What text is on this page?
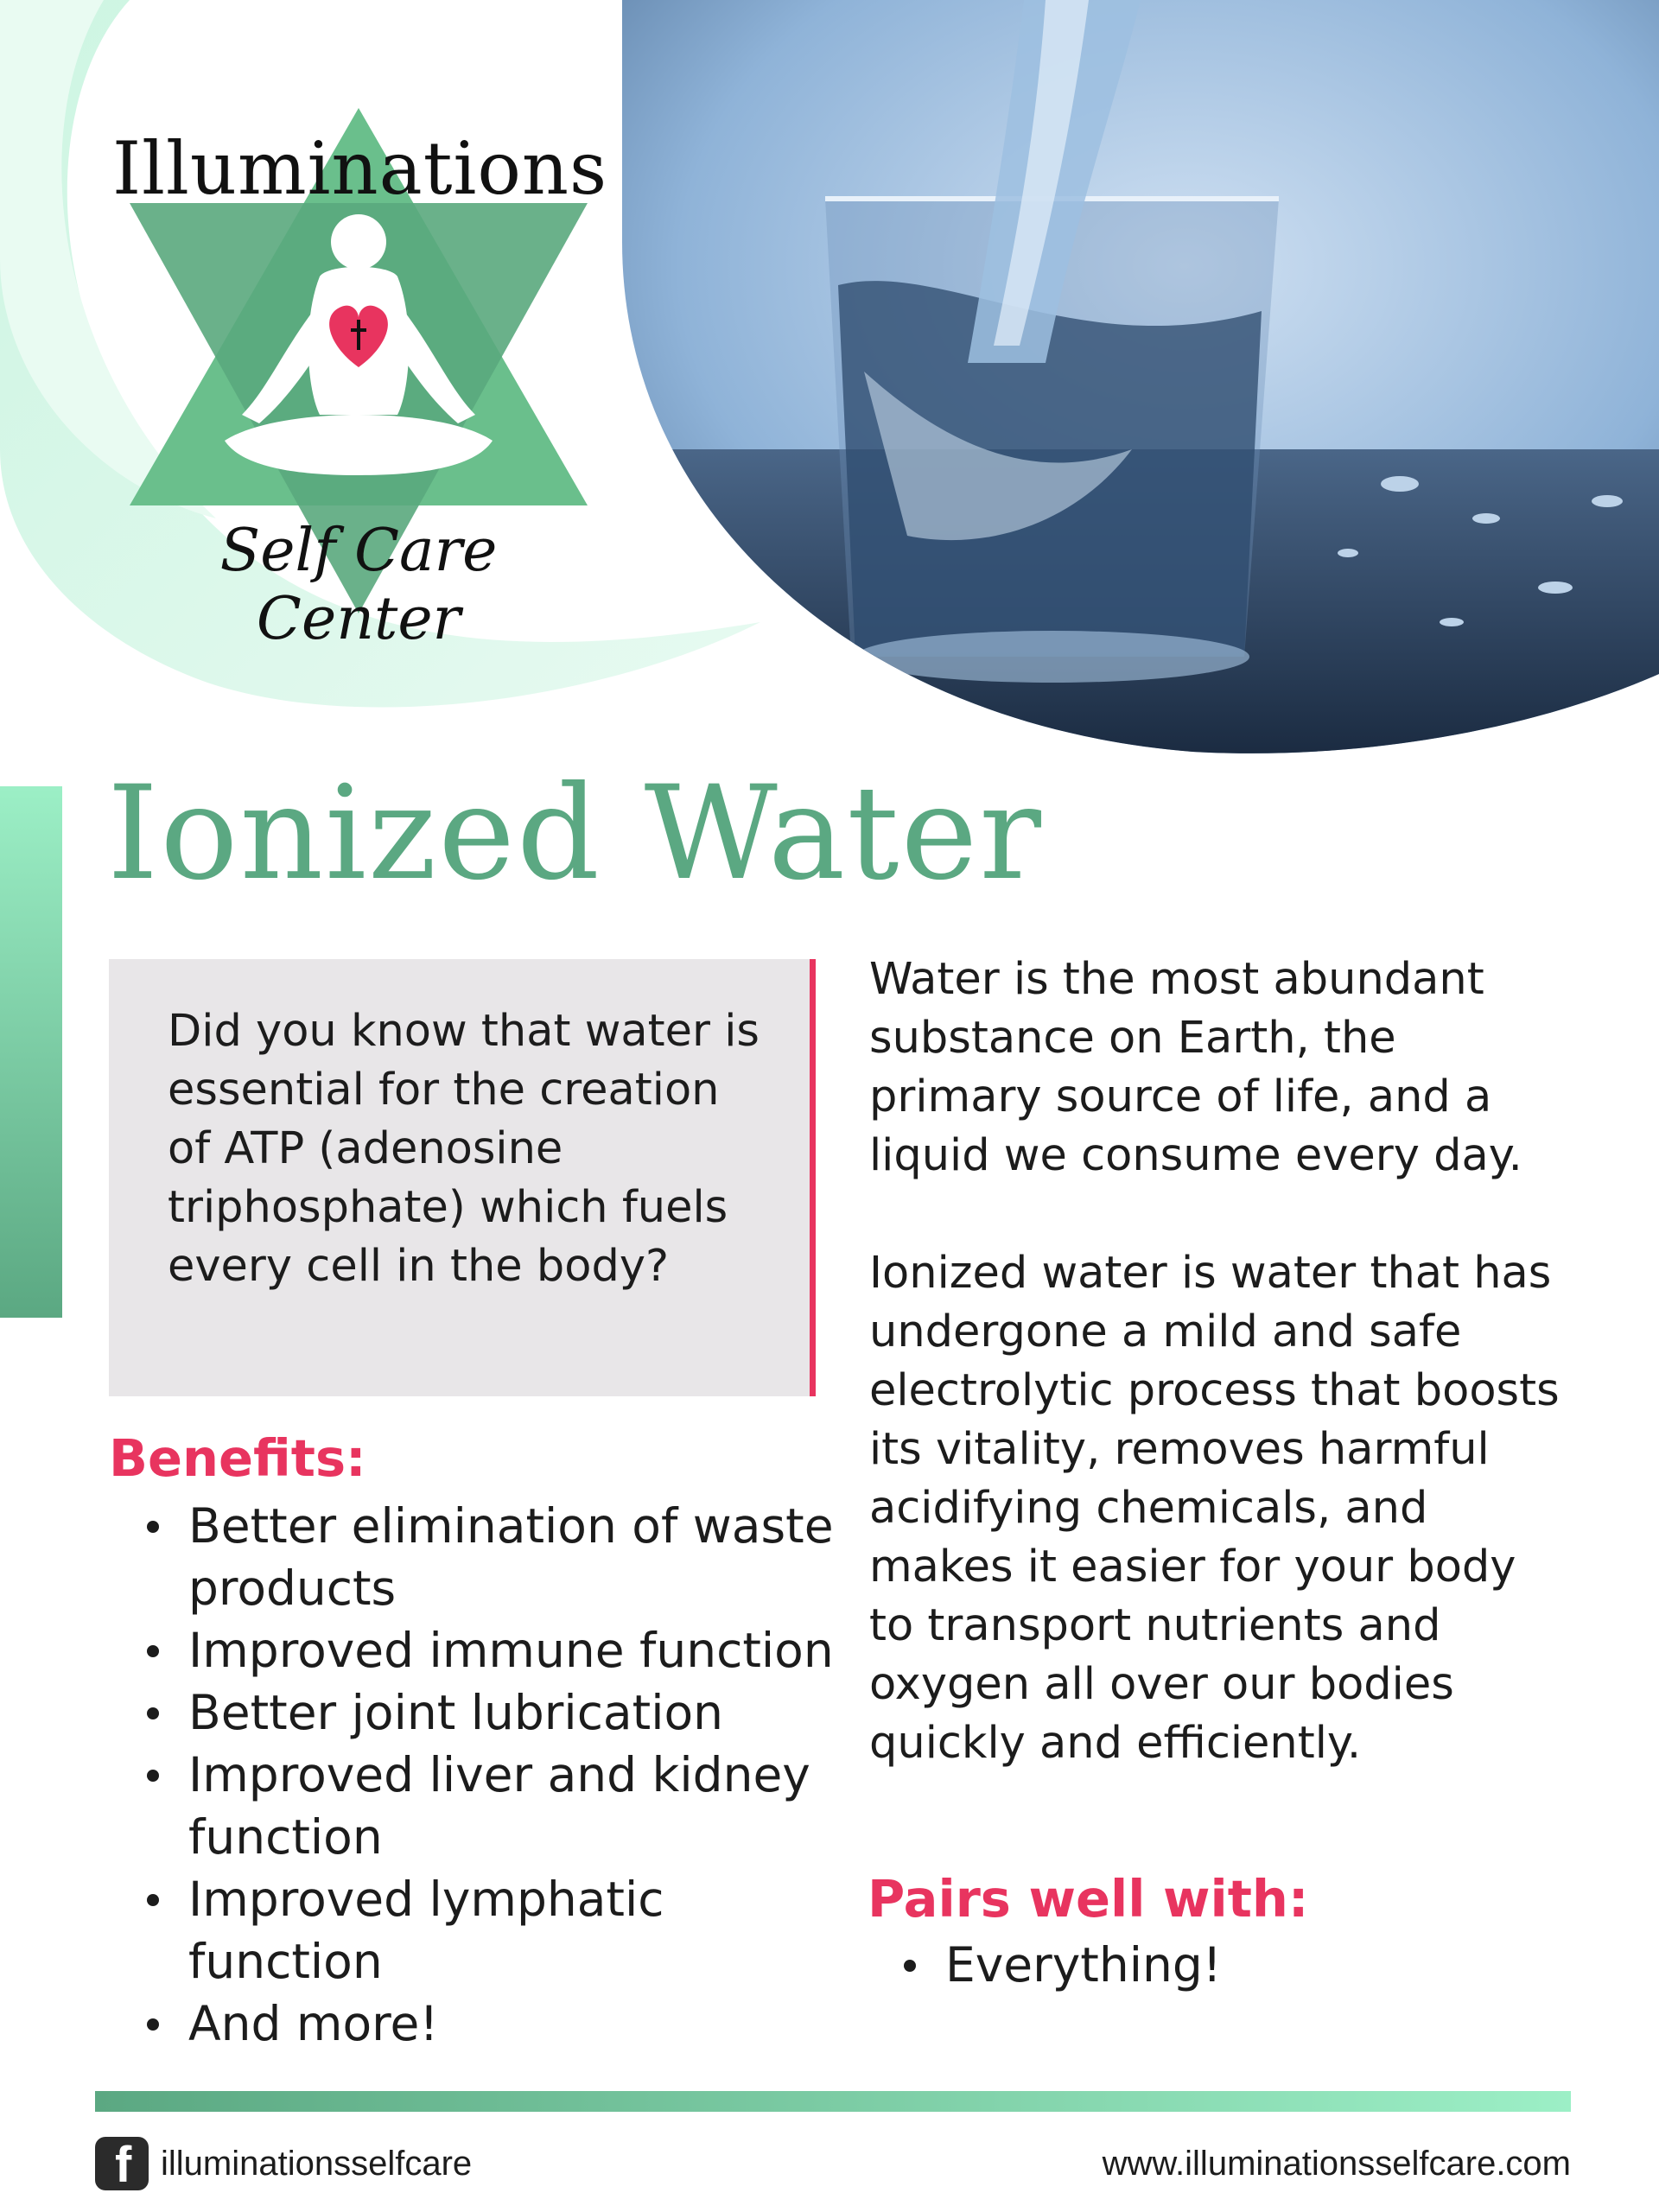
Illuminations
Self Care Center
Ionized Water

Did you know that water is essential for the creation of ATP (adenosine triphosphate) which fuels every cell in the body?

Benefits:
Better elimination of waste products
Improved immune function
Better joint lubrication
Improved liver and kidney function
Improved lymphatic function
And more!

Water is the most abundant substance on Earth, the primary source of life, and a liquid we consume every day.

Ionized water is water that has undergone a mild and safe electrolytic process that boosts its vitality, removes harmful acidifying chemicals, and makes it easier for your body to transport nutrients and oxygen all over our bodies quickly and efficiently.

Pairs well with:
Everything!
f illuminationsselfcare	www.illuminationsselfcare.com
